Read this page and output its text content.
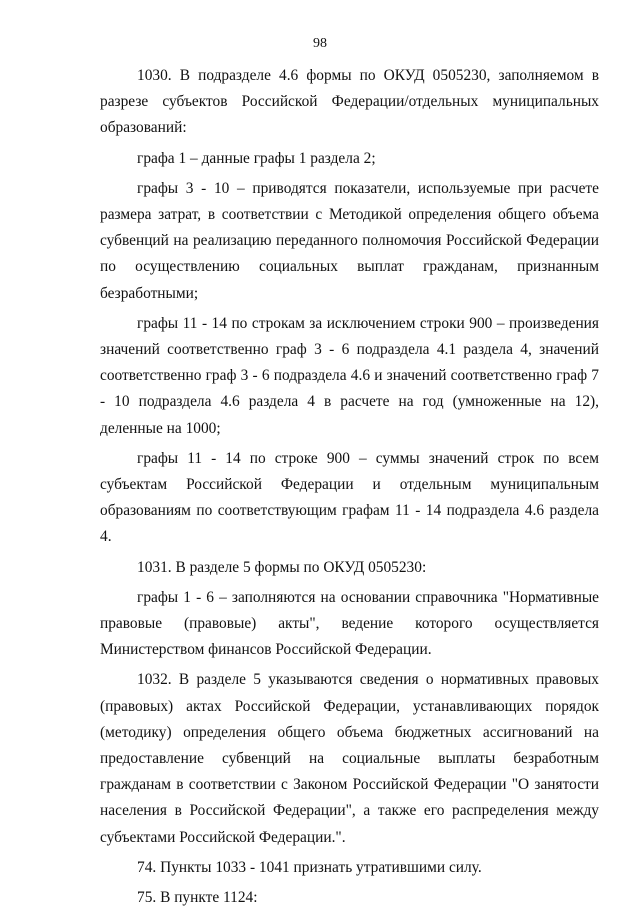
98

1030. В подразделе 4.6 формы по ОКУД 0505230, заполняемом в разрезе субъектов Российской Федерации/отдельных муниципальных образований:

графа 1 – данные графы 1 раздела 2;

графы 3 - 10 – приводятся показатели, используемые при расчете размера затрат, в соответствии с Методикой определения общего объема субвенций на реализацию переданного полномочия Российской Федерации по осуществлению социальных выплат гражданам, признанным безработными;

графы 11 - 14 по строкам за исключением строки 900 – произведения значений соответственно граф 3 - 6 подраздела 4.1 раздела 4, значений соответственно граф 3 - 6 подраздела 4.6 и значений соответственно граф 7 - 10 подраздела 4.6 раздела 4 в расчете на год (умноженные на 12), деленные на 1000;

графы 11 - 14 по строке 900 – суммы значений строк по всем субъектам Российской Федерации и отдельным муниципальным образованиям по соответствующим графам 11 - 14 подраздела 4.6 раздела 4.

1031. В разделе 5 формы по ОКУД 0505230:

графы 1 - 6 – заполняются на основании справочника "Нормативные правовые (правовые) акты", ведение которого осуществляется Министерством финансов Российской Федерации.

1032. В разделе 5 указываются сведения о нормативных правовых (правовых) актах Российской Федерации, устанавливающих порядок (методику) определения общего объема бюджетных ассигнований на предоставление субвенций на социальные выплаты безработным гражданам в соответствии с Законом Российской Федерации "О занятости населения в Российской Федерации", а также его распределения между субъектами Российской Федерации.".

74. Пункты 1033 - 1041 признать утратившими силу.

75. В пункте 1124:
